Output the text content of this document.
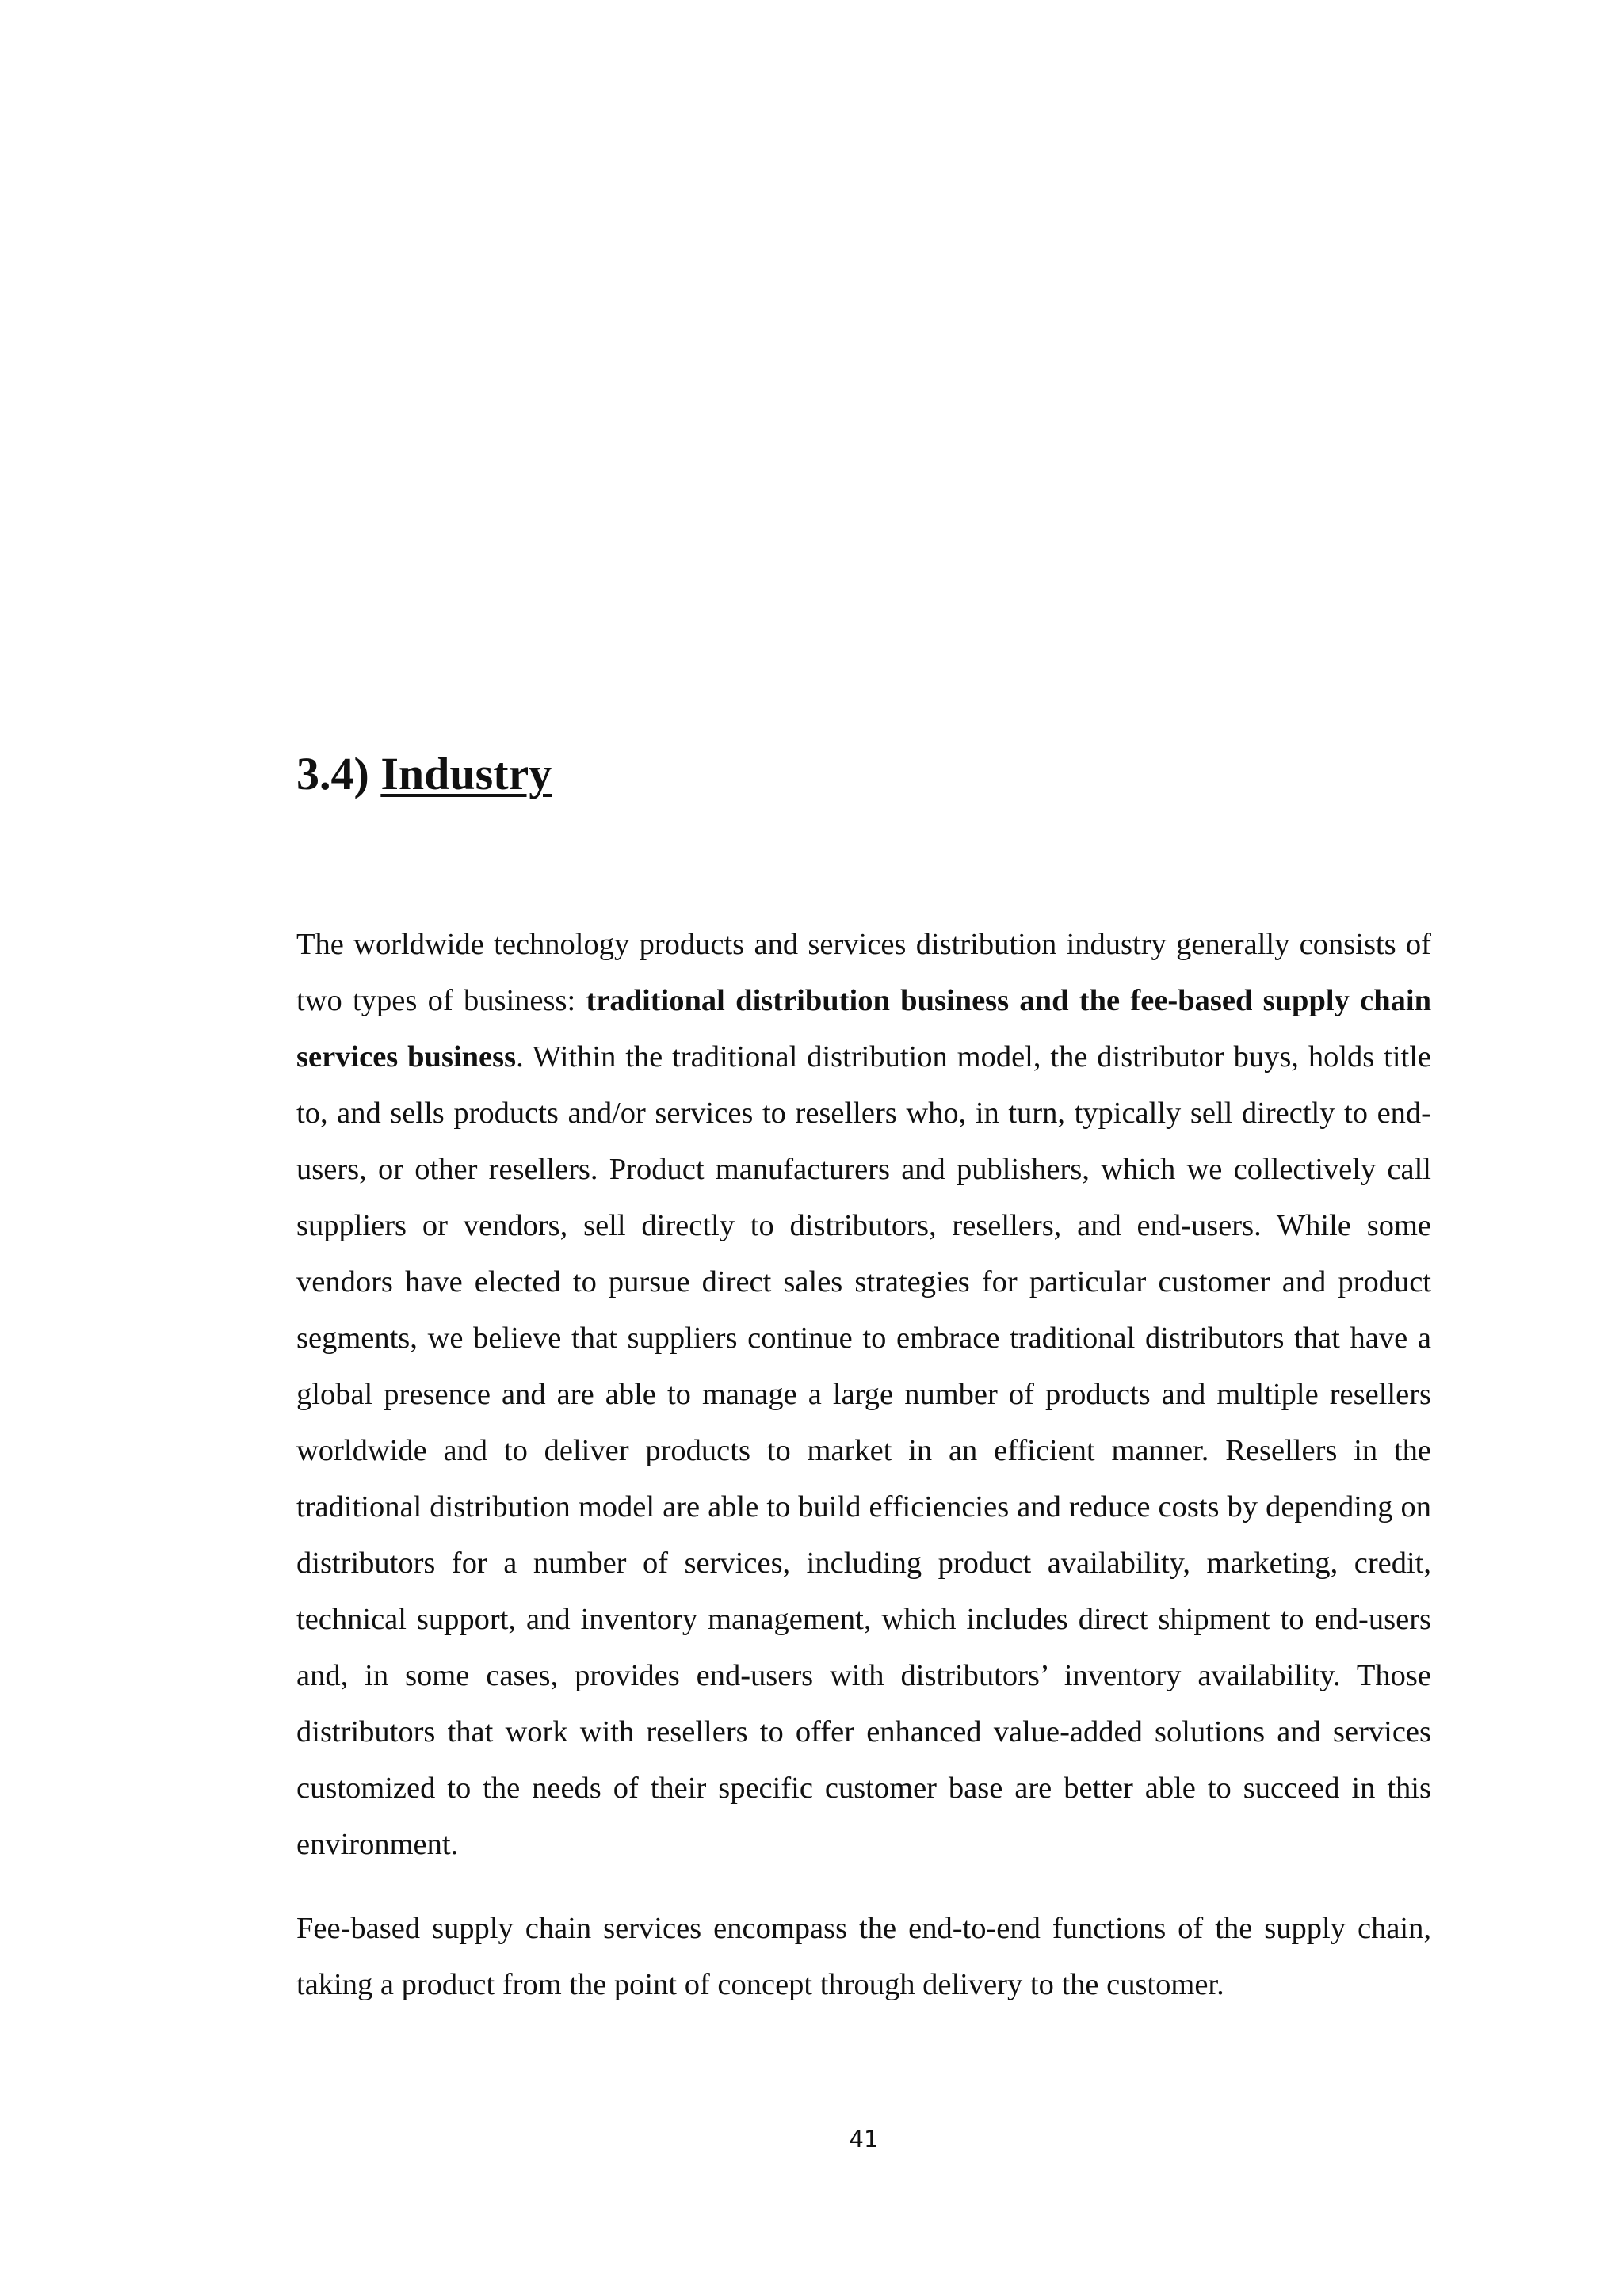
3.4) Industry

The worldwide technology products and services distribution industry generally consists of two types of business: traditional distribution business and the fee-based supply chain services business. Within the traditional distribution model, the distributor buys, holds title to, and sells products and/or services to resellers who, in turn, typically sell directly to end-users, or other resellers. Product manufacturers and publishers, which we collectively call suppliers or vendors, sell directly to distributors, resellers, and end-users. While some vendors have elected to pursue direct sales strategies for particular customer and product segments, we believe that suppliers continue to embrace traditional distributors that have a global presence and are able to manage a large number of products and multiple resellers worldwide and to deliver products to market in an efficient manner. Resellers in the traditional distribution model are able to build efficiencies and reduce costs by depending on distributors for a number of services, including product availability, marketing, credit, technical support, and inventory management, which includes direct shipment to end-users and, in some cases, provides end-users with distributors’ inventory availability. Those distributors that work with resellers to offer enhanced value-added solutions and services customized to the needs of their specific customer base are better able to succeed in this environment.

Fee-based supply chain services encompass the end-to-end functions of the supply chain, taking a product from the point of concept through delivery to the customer.

41
